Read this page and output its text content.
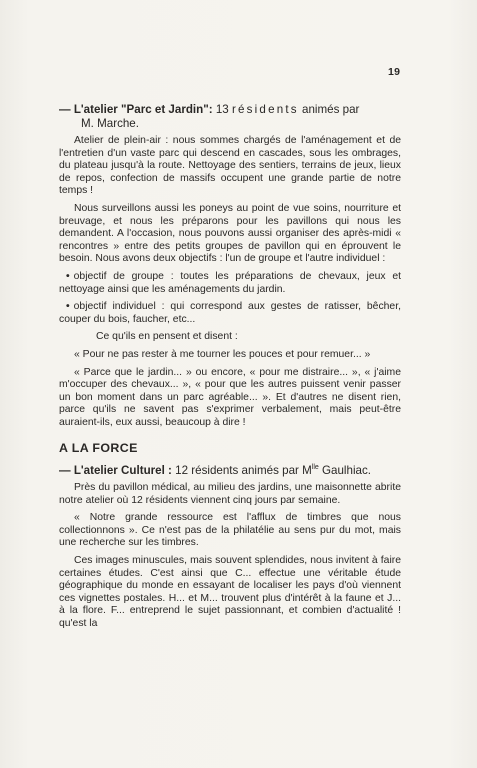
19
— L'atelier "Parc et Jardin": 13 résidents animés par
M. Marche.

Atelier de plein-air : nous sommes chargés de l'aménagement et de l'entretien d'un vaste parc qui descend en cascades, sous les ombrages, du plateau jusqu'à la route. Nettoyage des sentiers, terrains de jeux, lieux de repos, confection de massifs occupent une grande partie de notre temps !

Nous surveillons aussi les poneys au point de vue soins, nourriture et breuvage, et nous les préparons pour les pavillons qui nous les demandent. A l'occasion, nous pouvons aussi organiser des après-midi « rencontres » entre des petits groupes de pavillon qui en éprouvent le besoin. Nous avons deux objectifs : l'un de groupe et l'autre individuel :

• objectif de groupe : toutes les préparations de chevaux, jeux et nettoyage ainsi que les aménagements du jardin.

• objectif individuel : qui correspond aux gestes de ratisser, bêcher, couper du bois, faucher, etc...

Ce qu'ils en pensent et disent :

« Pour ne pas rester à me tourner les pouces et pour remuer... »

« Parce que le jardin... » ou encore, « pour me distraire... », « j'aime m'occuper des chevaux... », « pour que les autres puissent venir passer un bon moment dans un parc agréable... ». Et d'autres ne disent rien, parce qu'ils ne savent pas s'exprimer verbalement, mais peut-être auraient-ils, eux aussi, beaucoup à dire !

A LA FORCE
— L'atelier Culturel : 12 résidents animés par $M^{lle}$ Gaulhiac.

Près du pavillon médical, au milieu des jardins, une maisonnette abrite notre atelier où 12 résidents viennent cinq jours par semaine.

« Notre grande ressource est l'afflux de timbres que nous collectionnons ». Ce n'est pas de la philatélie au sens pur du mot, mais une recherche sur les timbres.

Ces images minuscules, mais souvent splendides, nous invitent à faire certaines études. C'est ainsi que C... effectue une véritable étude géographique du monde en essayant de localiser les pays d'où viennent ces vignettes postales. H... et M... trouvent plus d'intérêt à la faune et J... à la flore. F... entreprend le sujet passionnant, et combien d'actualité ! qu'est la
